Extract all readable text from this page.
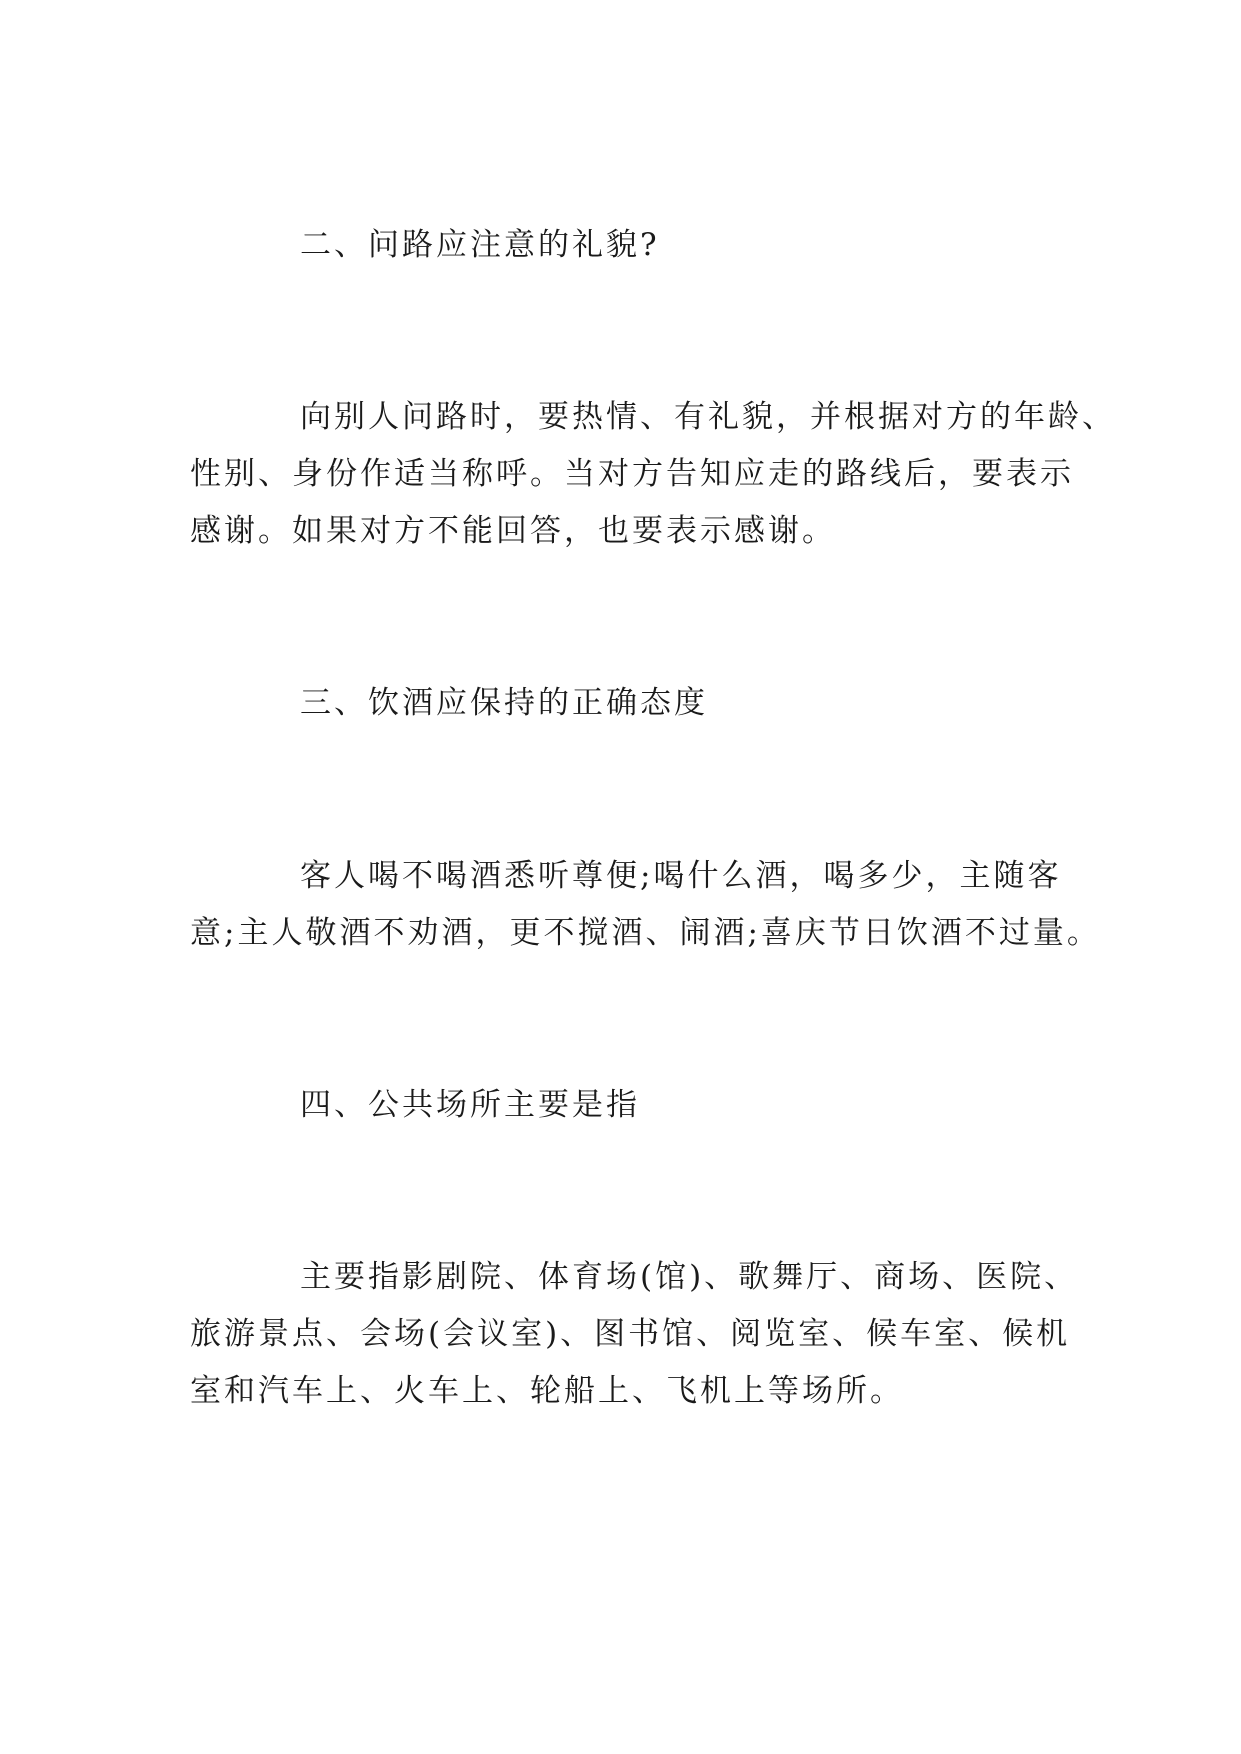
二、问路应注意的礼貌?

向别人问路时，要热情、有礼貌，并根据对方的年龄、

性别、身份作适当称呼。当对方告知应走的路线后，要表示

感谢。如果对方不能回答，也要表示感谢。

三、饮酒应保持的正确态度

客人喝不喝酒悉听尊便;喝什么酒，喝多少，主随客

意;主人敬酒不劝酒，更不搅酒、闹酒;喜庆节日饮酒不过量。

四、公共场所主要是指

主要指影剧院、体育场(馆)、歌舞厅、商场、医院、

旅游景点、会场(会议室)、图书馆、阅览室、候车室、候机

室和汽车上、火车上、轮船上、飞机上等场所。
